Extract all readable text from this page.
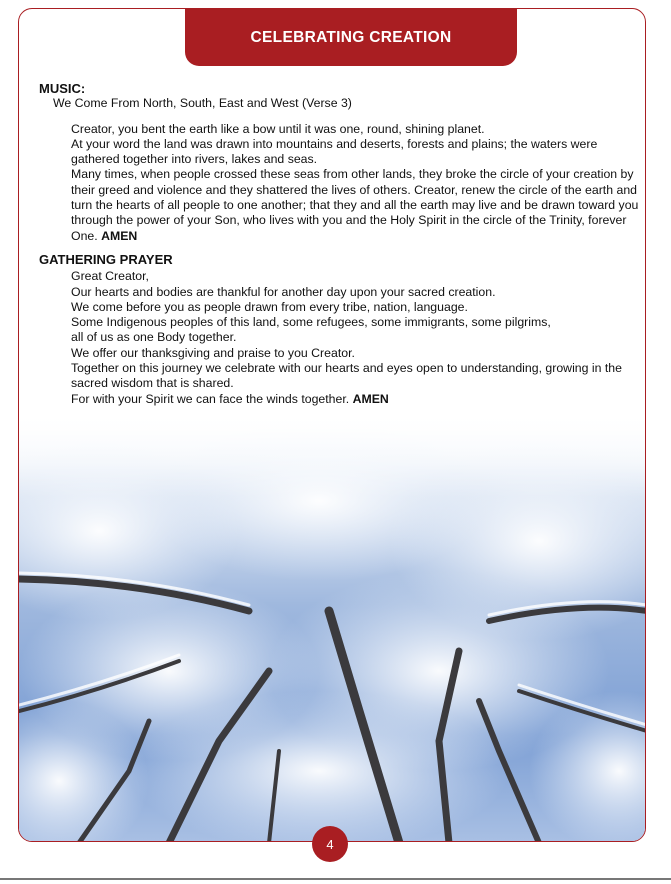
CELEBRATING CREATION

MUSIC:

We Come From North, South, East and West (Verse 3)

Creator, you bent the earth like a bow until it was one, round, shining planet.

At your word the land was drawn into mountains and deserts, forests and plains; the waters were gathered together into rivers, lakes and seas.

Many times, when people crossed these seas from other lands, they broke the circle of your creation by their greed and violence and they shattered the lives of others. Creator, renew the circle of the earth and turn the hearts of all people to one another; that they and all the earth may live and be drawn toward you through the power of your Son, who lives with you and the Holy Spirit in the circle of the Trinity, forever One. AMEN

GATHERING PRAYER

Great Creator,

Our hearts and bodies are thankful for another day upon your sacred creation.

We come before you as people drawn from every tribe, nation, language.

Some Indigenous peoples of this land, some refugees, some immigrants, some pilgrims,

all of us as one Body together.

We offer our thanksgiving and praise to you Creator.

Together on this journey we celebrate with our hearts and eyes open to understanding, growing in the sacred wisdom that is shared.

For with your Spirit we can face the winds together. AMEN

4
